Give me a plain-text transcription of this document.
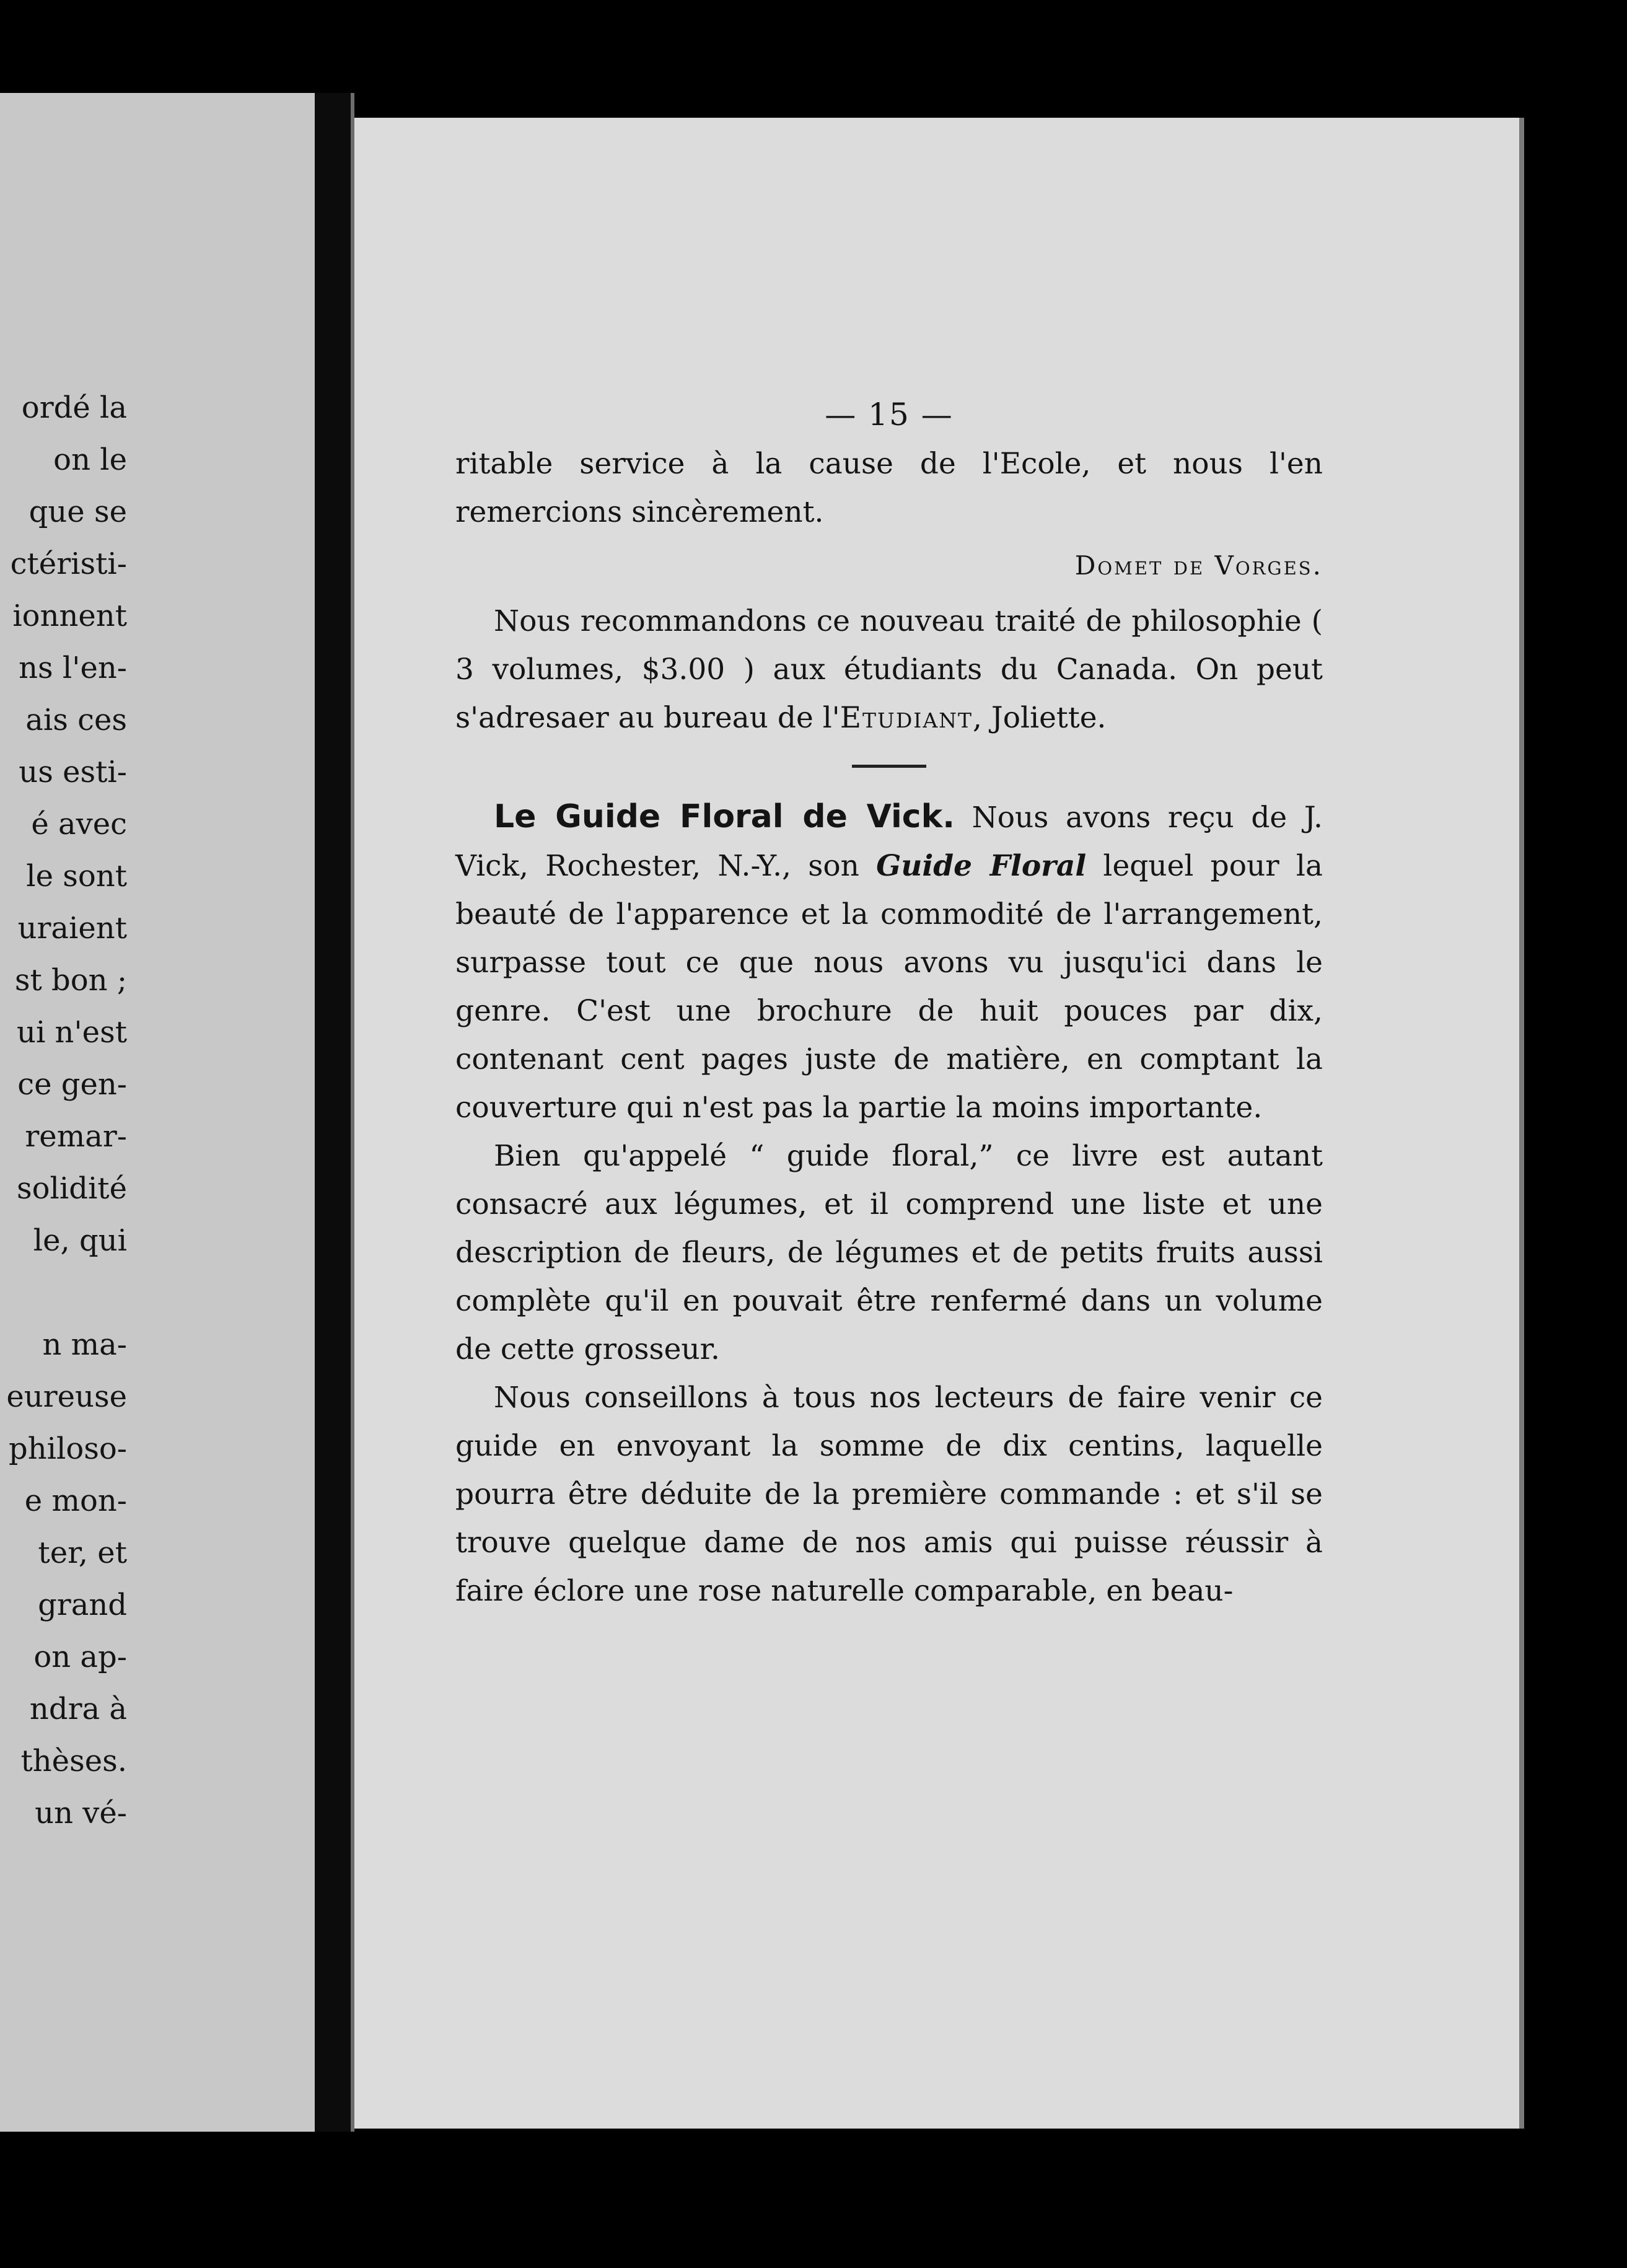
ordé la
on le
que se
ctéristi-
ionnent
ns l'en-
ais ces
us esti-
é avec
le sont
uraient
st bon ;
ui n'est
ce gen-
remar-
solidité
le, qui
n ma-
eureuse
philoso-
e mon-
ter, et
grand
on ap-
ndra à
thèses.
un vé-

— 15 —

ritable service à la cause de l'Ecole, et nous l'en remercions sincèrement.

Domet de Vorges.

Nous recommandons ce nouveau traité de philosophie ( 3 volumes, $3.00 ) aux étudiants du Canada. On peut s'adresaer au bureau de l'Etudiant, Joliette.

Le Guide Floral de Vick. Nous avons reçu de J. Vick, Rochester, N.-Y., son Guide Floral lequel pour la beauté de l'apparence et la commodité de l'arrangement, surpasse tout ce que nous avons vu jusqu'ici dans le genre. C'est une brochure de huit pouces par dix, contenant cent pages juste de matière, en comptant la couverture qui n'est pas la partie la moins importante.

Bien qu'appelé “ guide floral,” ce livre est autant consacré aux légumes, et il comprend une liste et une description de fleurs, de légumes et de petits fruits aussi complète qu'il en pouvait être renfermé dans un volume de cette grosseur.

Nous conseillons à tous nos lecteurs de faire venir ce guide en envoyant la somme de dix centins, laquelle pourra être déduite de la première commande : et s'il se trouve quelque dame de nos amis qui puisse réussir à faire éclore une rose naturelle comparable, en beau-
